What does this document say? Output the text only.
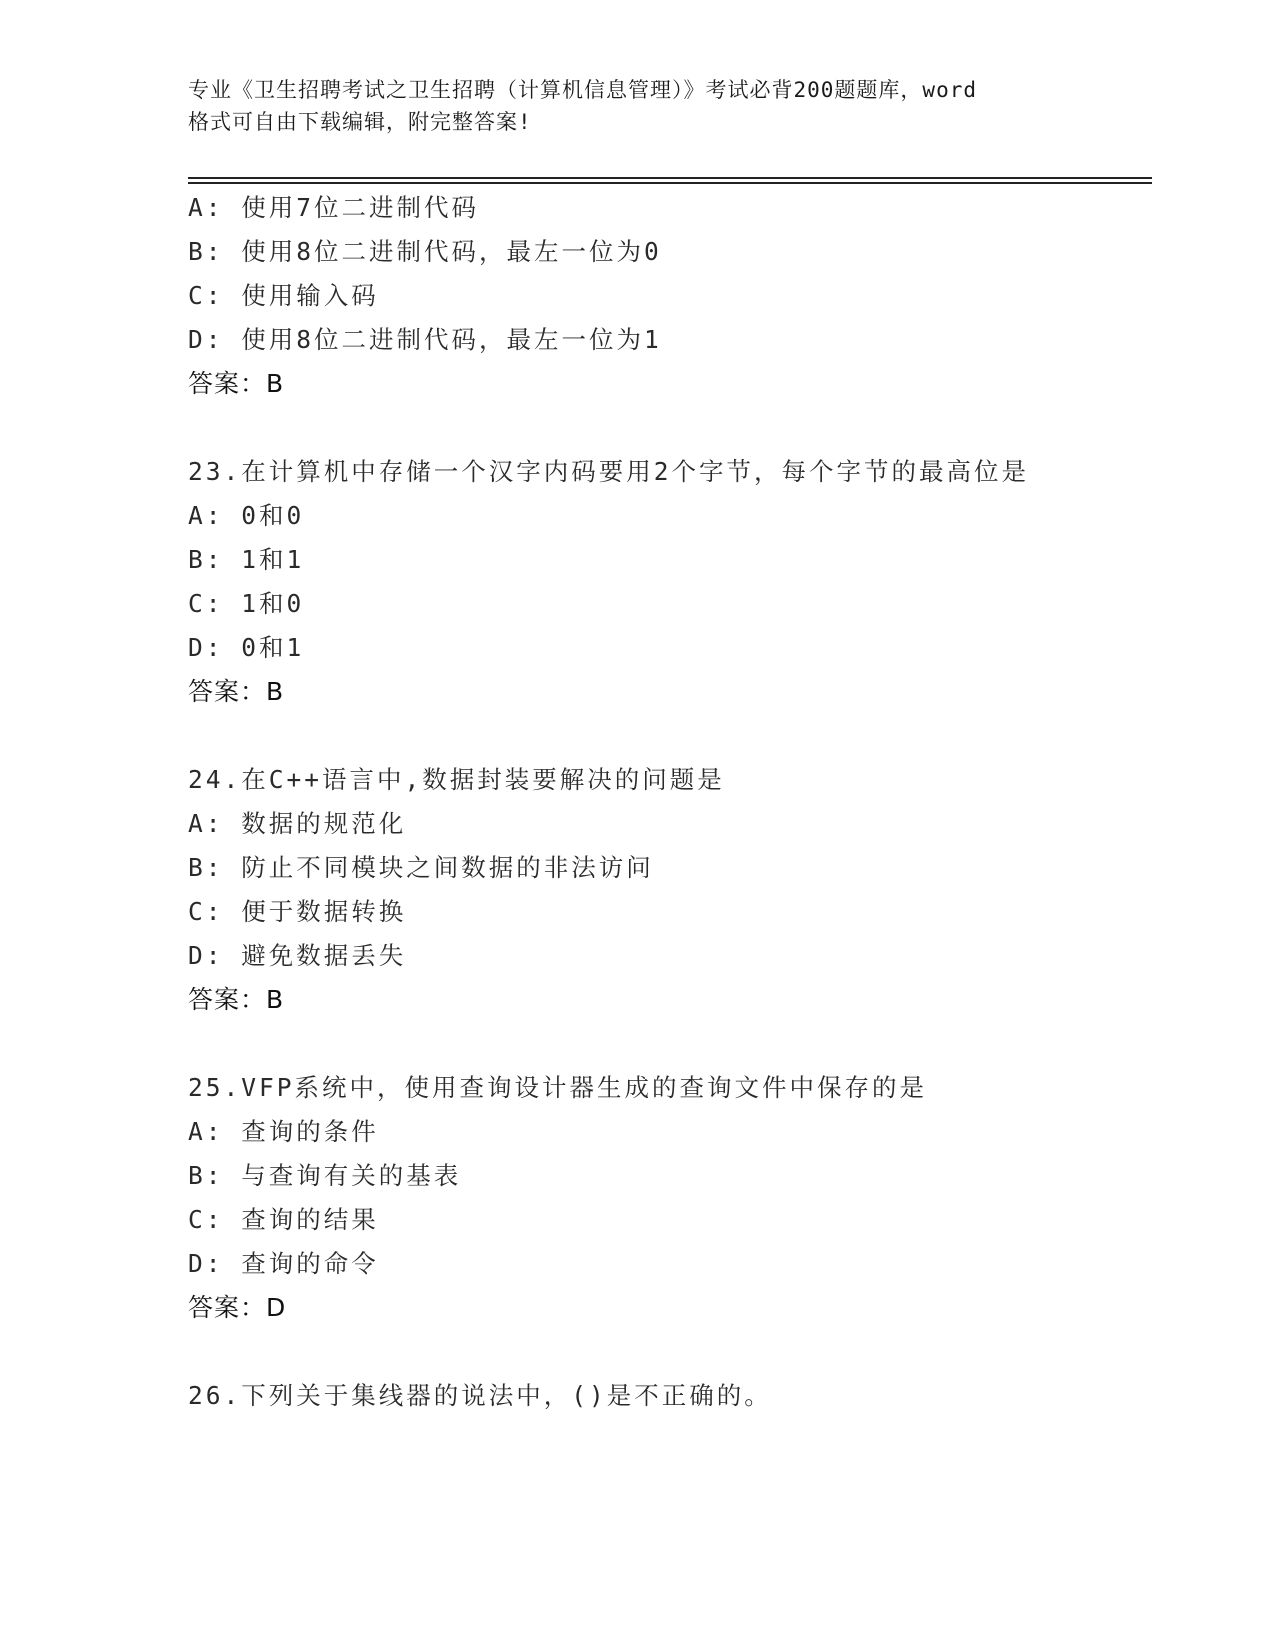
专业《卫生招聘考试之卫生招聘（计算机信息管理）》考试必背200题题库，word
格式可自由下载编辑，附完整答案!
A: 使用7位二进制代码
B: 使用8位二进制代码，最左一位为0
C: 使用输入码
D: 使用8位二进制代码，最左一位为1
答案：B
23.在计算机中存储一个汉字内码要用2个字节，每个字节的最高位是
A: 0和0
B: 1和1
C: 1和0
D: 0和1
答案：B
24.在C++语言中,数据封装要解决的问题是
A: 数据的规范化
B: 防止不同模块之间数据的非法访问
C: 便于数据转换
D: 避免数据丢失
答案：B
25.VFP系统中，使用查询设计器生成的查询文件中保存的是
A: 查询的条件
B: 与查询有关的基表
C: 查询的结果
D: 查询的命令
答案：D
26.下列关于集线器的说法中，()是不正确的。
